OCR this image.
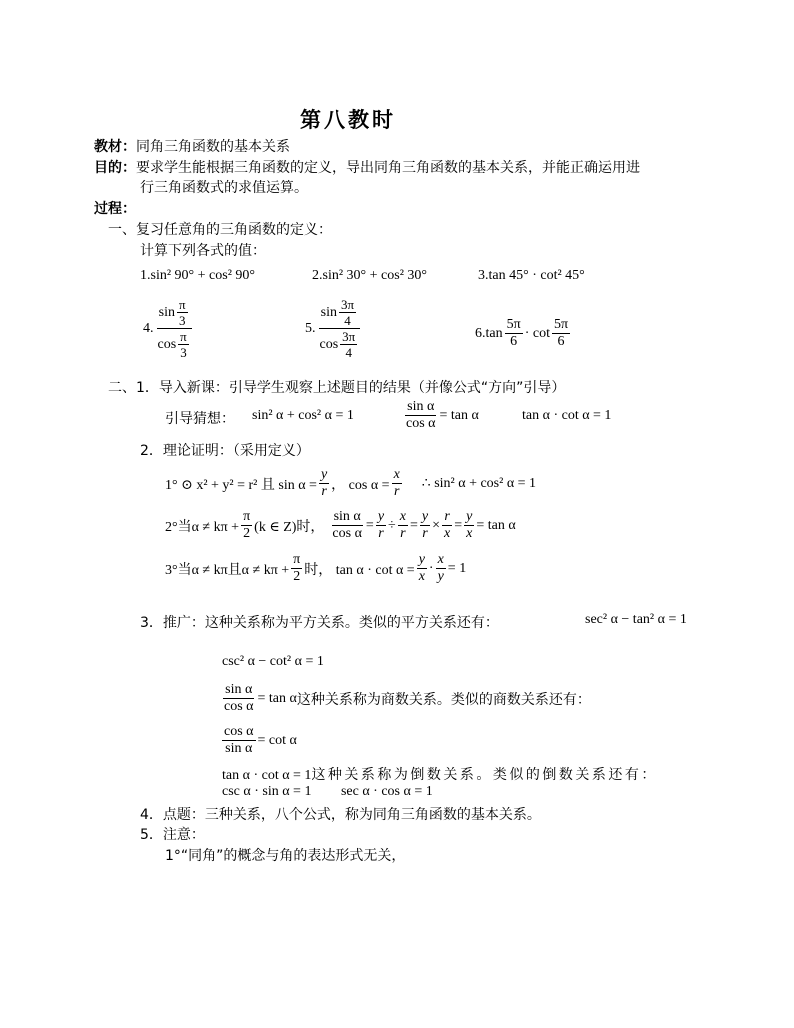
第八教时
教材：同角三角函数的基本关系
目的：要求学生能根据三角函数的定义，导出同角三角函数的基本关系，并能正确运用进
行三角函数式的求值运算。
过程：
一、复习任意角的三角函数的定义：
计算下列各式的值：
1.sin² 90° + cos² 90°	2.sin² 30° + cos² 30°	3.tan 45° · cot² 45°
4. $\frac{\sin \frac{\pi}{3}}{\cos \frac{\pi}{3}}$	5. $\frac{\sin \frac{3\pi}{4}}{\cos \frac{3\pi}{4}}$	$6.\tan \frac{5\pi}{6} \cdot \cot \frac{5\pi}{6}$
二、1．导入新课：引导学生观察上述题目的结果（并像公式“方向”引导）
引导猜想： sin² α + cos² α = 1	$\frac{\text{sin α}}{\text{cos α}} = \tan \alpha$	tan α · cot α = 1
2．理论证明：（采用定义）
1° ⊙ x² + y² = r² 且 $\sin \alpha = \frac{y}{r}$ ， $\cos \alpha = \frac{x}{r}$ ∴ sin² α + cos² α = 1
2°当$\alpha \ne k\pi + \frac{\pi}{2} (k$ ∈ Z)时， $\frac{\text{sin α}}{\text{cos α}} = \frac{y}{r} \div \frac{x}{r} = \frac{y}{r} \times \frac{r}{x} = \frac{y}{x} = \tan \alpha$
3°当α ≠ kπ且$\alpha \ne k\pi + \frac{\pi}{2}$ 时， $\tan \alpha \cdot \cot \alpha = \frac{y}{x} \cdot \frac{x}{y} = 1$
3．推广：这种关系称为平方关系。类似的平方关系还有：	sec² α − tan² α = 1
csc² α − cot² α = 1
$\frac{\text{sin α}}{\text{cos α}} = \tan \alpha$ 这种关系称为商数关系。类似的商数关系还有：
$\frac{\text{cos α}}{\text{sin α}} = \cot \alpha$
tan α · cot α = 1这种关系称为倒数关系。类似的倒数关系还有：
csc α · sin α = 1 sec α · cos α = 1
4．点题：三种关系，八个公式，称为同角三角函数的基本关系。
5．注意：
1°“同角”的概念与角的表达形式无关，
